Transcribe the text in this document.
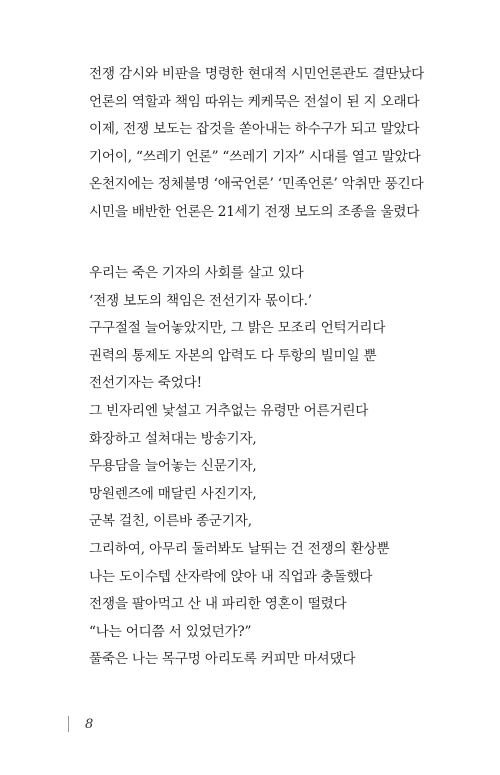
전쟁 감시와 비판을 명령한 현대적 시민언론관도 결딴났다
언론의 역할과 책임 따위는 케케묵은 전설이 된 지 오래다
이제, 전쟁 보도는 잡것을 쏟아내는 하수구가 되고 말았다
기어이, “쓰레기 언론” “쓰레기 기자” 시대를 열고 말았다
온천지에는 정체불명 ‘애국언론’ ‘민족언론’ 악취만 풍긴다
시민을 배반한 언론은 21세기 전쟁 보도의 조종을 울렸다
우리는 죽은 기자의 사회를 살고 있다
‘전쟁 보도의 책임은 전선기자 몫이다.’
구구절절 늘어놓았지만, 그 밝은 모조리 언턱거리다
권력의 통제도 자본의 압력도 다 투항의 빌미일 뿐
전선기자는 죽었다!
그 빈자리엔 낯설고 거추없는 유령만 어른거린다
화장하고 설쳐대는 방송기자,
무용담을 늘어놓는 신문기자,
망원렌즈에 매달린 사진기자,
군복 걸친, 이른바 종군기자,
그리하여, 아무리 둘러봐도 날뛰는 건 전쟁의 환상뿐
나는 도이수텝 산자락에 앉아 내 직업과 충돌했다
전쟁을 팔아먹고 산 내 파리한 영혼이 떨렸다
“나는 어디쯤 서 있었던가?”
풀죽은 나는 목구멍 아리도록 커피만 마셔댔다
8
